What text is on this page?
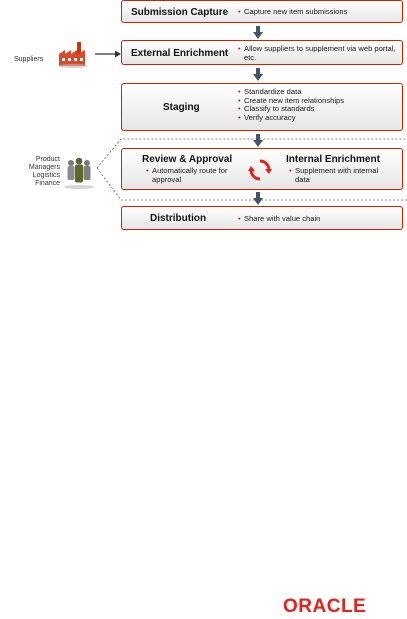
Suppliers
Product
Managers
Logistics
Finance
Submission Capture	• Capture new item submissions
External Enrichment	• Allow suppliers to supplement via web portal, etc.
Staging
• Standardize data
• Create new item relationships
• Classify to standards
• Verify accuracy
Review & Approval
• Automatically route for approval
Internal Enrichment
• Supplement with internal data
Distribution	• Share with value chain
ORACLE
